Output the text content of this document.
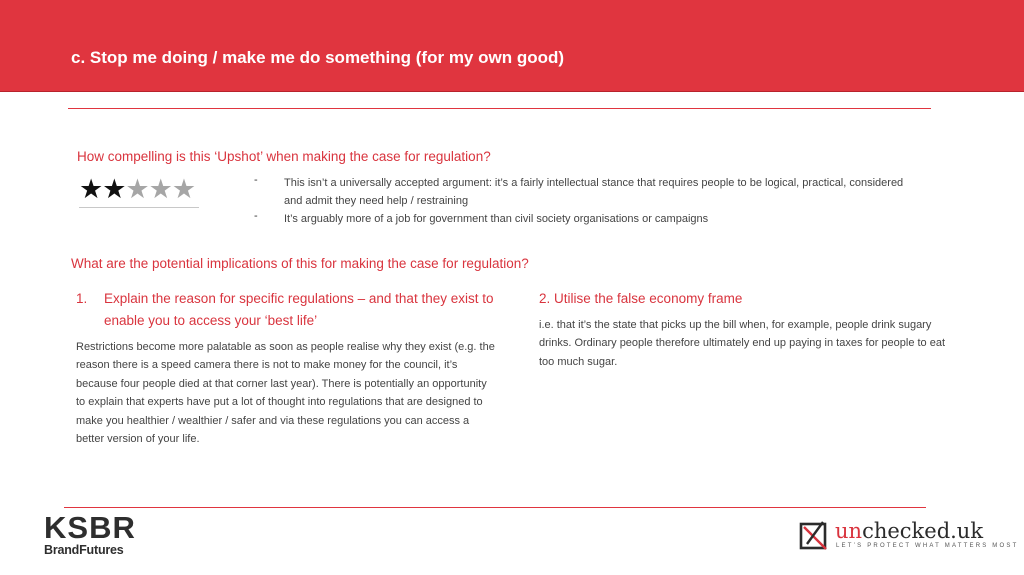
c. Stop me doing / make me do something (for my own good)
How compelling is this ‘Upshot’ when making the case for regulation?
★★★★★	- This isn’t a universally accepted argument: it’s a fairly intellectual stance that requires people to be logical, practical, considered and admit they need help / restraining
- It’s arguably more of a job for government than civil society organisations or campaigns
What are the potential implications of this for making the case for regulation?
1.	Explain the reason for specific regulations – and that they exist to enable you to access your ‘best life’
Restrictions become more palatable as soon as people realise why they exist (e.g. the reason there is a speed camera there is not to make money for the council, it’s because four people died at that corner last year). There is potentially an opportunity to explain that experts have put a lot of thought into regulations that are designed to make you healthier / wealthier / safer and via these regulations you can access a better version of your life.
2. Utilise the false economy frame
i.e. that it’s the state that picks up the bill when, for example, people drink sugary drinks. Ordinary people therefore ultimately end up paying in taxes for people to eat too much sugar.
KSBR
BrandFutures
unchecked.uk
LET’S PROTECT WHAT MATTERS MOST
